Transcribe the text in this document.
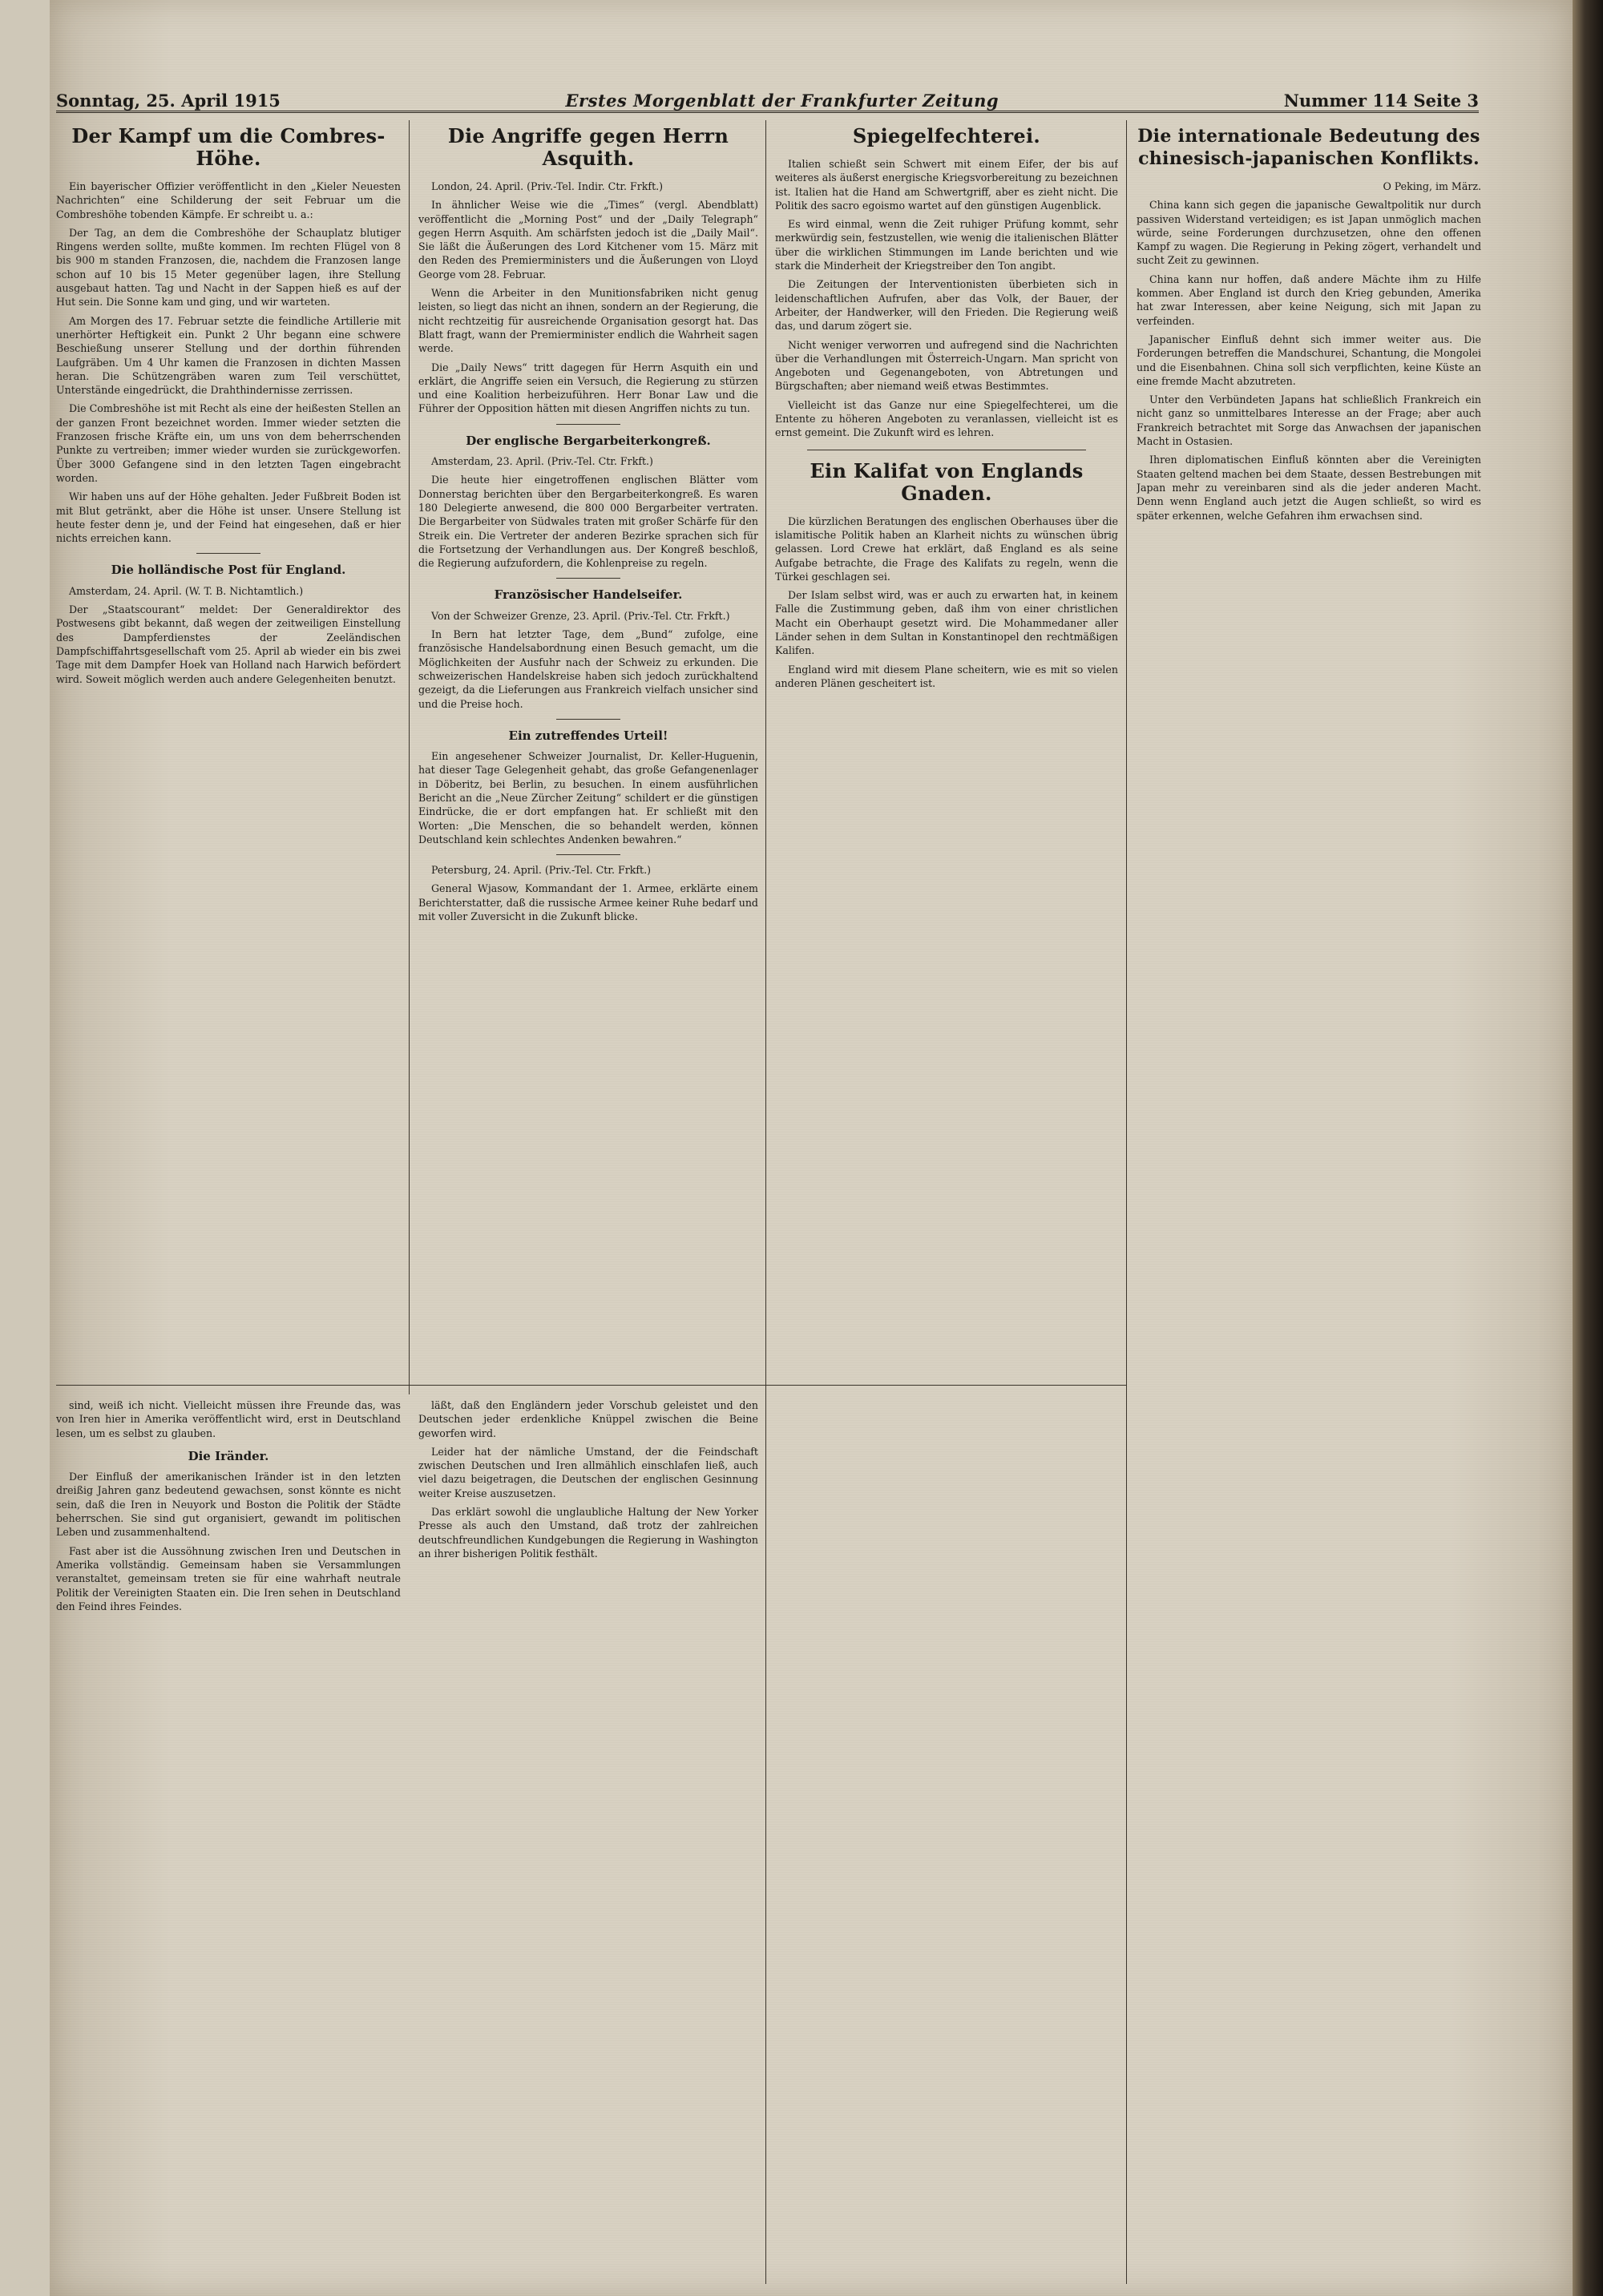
Sonntag, 25. April 1915	Erstes Morgenblatt der Frankfurter Zeitung	Nummer 114 Seite 3
Der Kampf um die Combres-Höhe.

Ein bayerischer Offizier veröffentlicht in den „Kieler Neuesten Nachrichten“ eine Schilderung der seit Februar um die Combreshöhe tobenden Kämpfe. Er schreibt u. a.:

Der Tag, an dem die Combreshöhe der Schauplatz blutiger Ringens werden sollte, mußte kommen. Im rechten Flügel von 8 bis 900 m standen Franzosen, die, nachdem die Franzosen lange schon auf 10 bis 15 Meter gegenüber lagen, ihre Stellung ausgebaut hatten. Tag und Nacht in der Sappen hieß es auf der Hut sein. Die Sonne kam und ging, und wir warteten.

Am Morgen des 17. Februar setzte die feindliche Artillerie mit unerhörter Heftigkeit ein. Punkt 2 Uhr begann eine schwere Beschießung unserer Stellung und der dorthin führenden Laufgräben. Um 4 Uhr kamen die Franzosen in dichten Massen heran. Die Schützengräben waren zum Teil verschüttet, Unterstände eingedrückt, die Drahthindernisse zerrissen.

Die Combreshöhe ist mit Recht als eine der heißesten Stellen an der ganzen Front bezeichnet worden. Immer wieder setzten die Franzosen frische Kräfte ein, um uns von dem beherrschenden Punkte zu vertreiben; immer wieder wurden sie zurückgeworfen. Über 3000 Gefangene sind in den letzten Tagen eingebracht worden.

Wir haben uns auf der Höhe gehalten. Jeder Fußbreit Boden ist mit Blut getränkt, aber die Höhe ist unser. Unsere Stellung ist heute fester denn je, und der Feind hat eingesehen, daß er hier nichts erreichen kann.

Die holländische Post für England.

Amsterdam, 24. April. (W. T. B. Nichtamtlich.)

Der „Staatscourant“ meldet: Der Generaldirektor des Postwesens gibt bekannt, daß wegen der zeitweiligen Einstellung des Dampferdienstes der Zeeländischen Dampfschiffahrtsgesellschaft vom 25. April ab wieder ein bis zwei Tage mit dem Dampfer Hoek van Holland nach Harwich befördert wird. Soweit möglich werden auch andere Gelegenheiten benutzt.

Die Angriffe gegen Herrn Asquith.

London, 24. April. (Priv.-Tel. Indir. Ctr. Frkft.)

In ähnlicher Weise wie die „Times“ (vergl. Abendblatt) veröffentlicht die „Morning Post“ und der „Daily Telegraph“ gegen Herrn Asquith. Am schärfsten jedoch ist die „Daily Mail“. Sie läßt die Äußerungen des Lord Kitchener vom 15. März mit den Reden des Premierministers und die Äußerungen von Lloyd George vom 28. Februar.

Wenn die Arbeiter in den Munitionsfabriken nicht genug leisten, so liegt das nicht an ihnen, sondern an der Regierung, die nicht rechtzeitig für ausreichende Organisation gesorgt hat. Das Blatt fragt, wann der Premierminister endlich die Wahrheit sagen werde.

Die „Daily News“ tritt dagegen für Herrn Asquith ein und erklärt, die Angriffe seien ein Versuch, die Regierung zu stürzen und eine Koalition herbeizuführen. Herr Bonar Law und die Führer der Opposition hätten mit diesen Angriffen nichts zu tun.

Der englische Bergarbeiterkongreß.

Amsterdam, 23. April. (Priv.-Tel. Ctr. Frkft.)

Die heute hier eingetroffenen englischen Blätter vom Donnerstag berichten über den Bergarbeiterkongreß. Es waren 180 Delegierte anwesend, die 800 000 Bergarbeiter vertraten. Die Bergarbeiter von Südwales traten mit großer Schärfe für den Streik ein. Die Vertreter der anderen Bezirke sprachen sich für die Fortsetzung der Verhandlungen aus. Der Kongreß beschloß, die Regierung aufzufordern, die Kohlenpreise zu regeln.

Französischer Handelseifer.

Von der Schweizer Grenze, 23. April. (Priv.-Tel. Ctr. Frkft.)

In Bern hat letzter Tage, dem „Bund“ zufolge, eine französische Handelsabordnung einen Besuch gemacht, um die Möglichkeiten der Ausfuhr nach der Schweiz zu erkunden. Die schweizerischen Handelskreise haben sich jedoch zurückhaltend gezeigt, da die Lieferungen aus Frankreich vielfach unsicher sind und die Preise hoch.

Ein zutreffendes Urteil!

Ein angesehener Schweizer Journalist, Dr. Keller-Huguenin, hat dieser Tage Gelegenheit gehabt, das große Gefangenenlager in Döberitz, bei Berlin, zu besuchen. In einem ausführlichen Bericht an die „Neue Zürcher Zeitung“ schildert er die günstigen Eindrücke, die er dort empfangen hat. Er schließt mit den Worten: „Die Menschen, die so behandelt werden, können Deutschland kein schlechtes Andenken bewahren.“

Petersburg, 24. April. (Priv.-Tel. Ctr. Frkft.)

General Wjasow, Kommandant der 1. Armee, erklärte einem Berichterstatter, daß die russische Armee keiner Ruhe bedarf und mit voller Zuversicht in die Zukunft blicke.

Spiegelfechterei.

Italien schießt sein Schwert mit einem Eifer, der bis auf weiteres als äußerst energische Kriegsvorbereitung zu bezeichnen ist. Italien hat die Hand am Schwertgriff, aber es zieht nicht. Die Politik des sacro egoismo wartet auf den günstigen Augenblick.

Es wird einmal, wenn die Zeit ruhiger Prüfung kommt, sehr merkwürdig sein, festzustellen, wie wenig die italienischen Blätter über die wirklichen Stimmungen im Lande berichten und wie stark die Minderheit der Kriegstreiber den Ton angibt.

Die Zeitungen der Interventionisten überbieten sich in leidenschaftlichen Aufrufen, aber das Volk, der Bauer, der Arbeiter, der Handwerker, will den Frieden. Die Regierung weiß das, und darum zögert sie.

Nicht weniger verworren und aufregend sind die Nachrichten über die Verhandlungen mit Österreich-Ungarn. Man spricht von Angeboten und Gegenangeboten, von Abtretungen und Bürgschaften; aber niemand weiß etwas Bestimmtes.

Vielleicht ist das Ganze nur eine Spiegelfechterei, um die Entente zu höheren Angeboten zu veranlassen, vielleicht ist es ernst gemeint. Die Zukunft wird es lehren.

Ein Kalifat von Englands Gnaden.

Die kürzlichen Beratungen des englischen Oberhauses über die islamitische Politik haben an Klarheit nichts zu wünschen übrig gelassen. Lord Crewe hat erklärt, daß England es als seine Aufgabe betrachte, die Frage des Kalifats zu regeln, wenn die Türkei geschlagen sei.

Der Islam selbst wird, was er auch zu erwarten hat, in keinem Falle die Zustimmung geben, daß ihm von einer christlichen Macht ein Oberhaupt gesetzt wird. Die Mohammedaner aller Länder sehen in dem Sultan in Konstantinopel den rechtmäßigen Kalifen.

England wird mit diesem Plane scheitern, wie es mit so vielen anderen Plänen gescheitert ist.

Die internationale Bedeutung des chinesisch-japanischen Konflikts.

O Peking, im März.

China kann sich gegen die japanische Gewaltpolitik nur durch passiven Widerstand verteidigen; es ist Japan unmöglich machen würde, seine Forderungen durchzusetzen, ohne den offenen Kampf zu wagen. Die Regierung in Peking zögert, verhandelt und sucht Zeit zu gewinnen.

China kann nur hoffen, daß andere Mächte ihm zu Hilfe kommen. Aber England ist durch den Krieg gebunden, Amerika hat zwar Interessen, aber keine Neigung, sich mit Japan zu verfeinden.

Japanischer Einfluß dehnt sich immer weiter aus. Die Forderungen betreffen die Mandschurei, Schantung, die Mongolei und die Eisenbahnen. China soll sich verpflichten, keine Küste an eine fremde Macht abzutreten.

Unter den Verbündeten Japans hat schließlich Frankreich ein nicht ganz so unmittelbares Interesse an der Frage; aber auch Frankreich betrachtet mit Sorge das Anwachsen der japanischen Macht in Ostasien.

Ihren diplomatischen Einfluß könnten aber die Vereinigten Staaten geltend machen bei dem Staate, dessen Bestrebungen mit Japan mehr zu vereinbaren sind als die jeder anderen Macht. Denn wenn England auch jetzt die Augen schließt, so wird es später erkennen, welche Gefahren ihm erwachsen sind.

sind, weiß ich nicht. Vielleicht müssen ihre Freunde das, was von Iren hier in Amerika veröffentlicht wird, erst in Deutschland lesen, um es selbst zu glauben.

Die Iränder.

Der Einfluß der amerikanischen Iränder ist in den letzten dreißig Jahren ganz bedeutend gewachsen, sonst könnte es nicht sein, daß die Iren in Neuyork und Boston die Politik der Städte beherrschen. Sie sind gut organisiert, gewandt im politischen Leben und zusammenhaltend.

Fast aber ist die Aussöhnung zwischen Iren und Deutschen in Amerika vollständig. Gemeinsam haben sie Versammlungen veranstaltet, gemeinsam treten sie für eine wahrhaft neutrale Politik der Vereinigten Staaten ein. Die Iren sehen in Deutschland den Feind ihres Feindes.

läßt, daß den Engländern jeder Vorschub geleistet und den Deutschen jeder erdenkliche Knüppel zwischen die Beine geworfen wird.

Leider hat der nämliche Umstand, der die Feindschaft zwischen Deutschen und Iren allmählich einschlafen ließ, auch viel dazu beigetragen, die Deutschen der englischen Gesinnung weiter Kreise auszusetzen.

Das erklärt sowohl die unglaubliche Haltung der New Yorker Presse als auch den Umstand, daß trotz der zahlreichen deutschfreundlichen Kundgebungen die Regierung in Washington an ihrer bisherigen Politik festhält.
